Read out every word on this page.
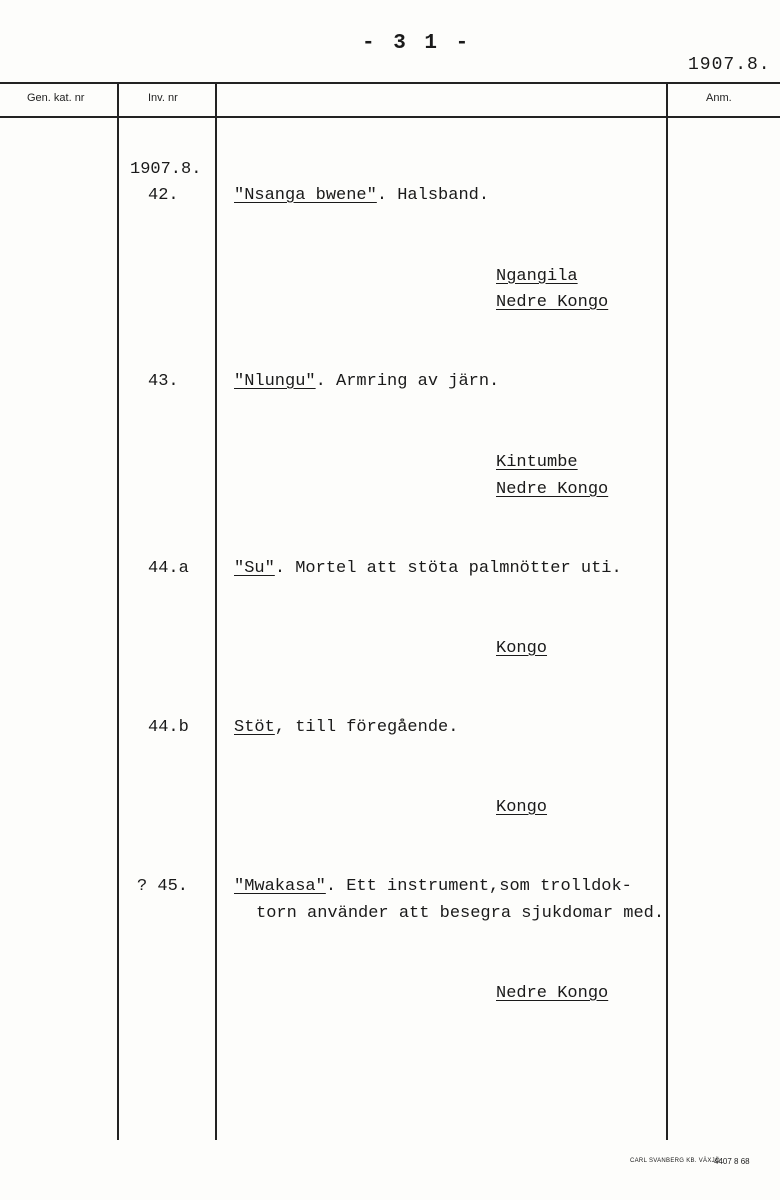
- 3 1 -
1907.8.
Gen. kat. nr	Inv. nr	Anm.
1907.8.
42.	"Nsanga bwene". Halsband.
Ngangila
Nedre Kongo
43.	"Nlungu". Armring av järn.
Kintumbe
Nedre Kongo
44.a	"Su". Mortel att stöta palmnötter uti.
Kongo
44.b	Stöt, till föregående.
Kongo
? 45.	"Mwakasa". Ett instrument,som trolldok-
torn använder att besegra sjukdomar med.
Nedre Kongo
CARL SVANBERG KB. VÄXJÖ
4407 8 68
